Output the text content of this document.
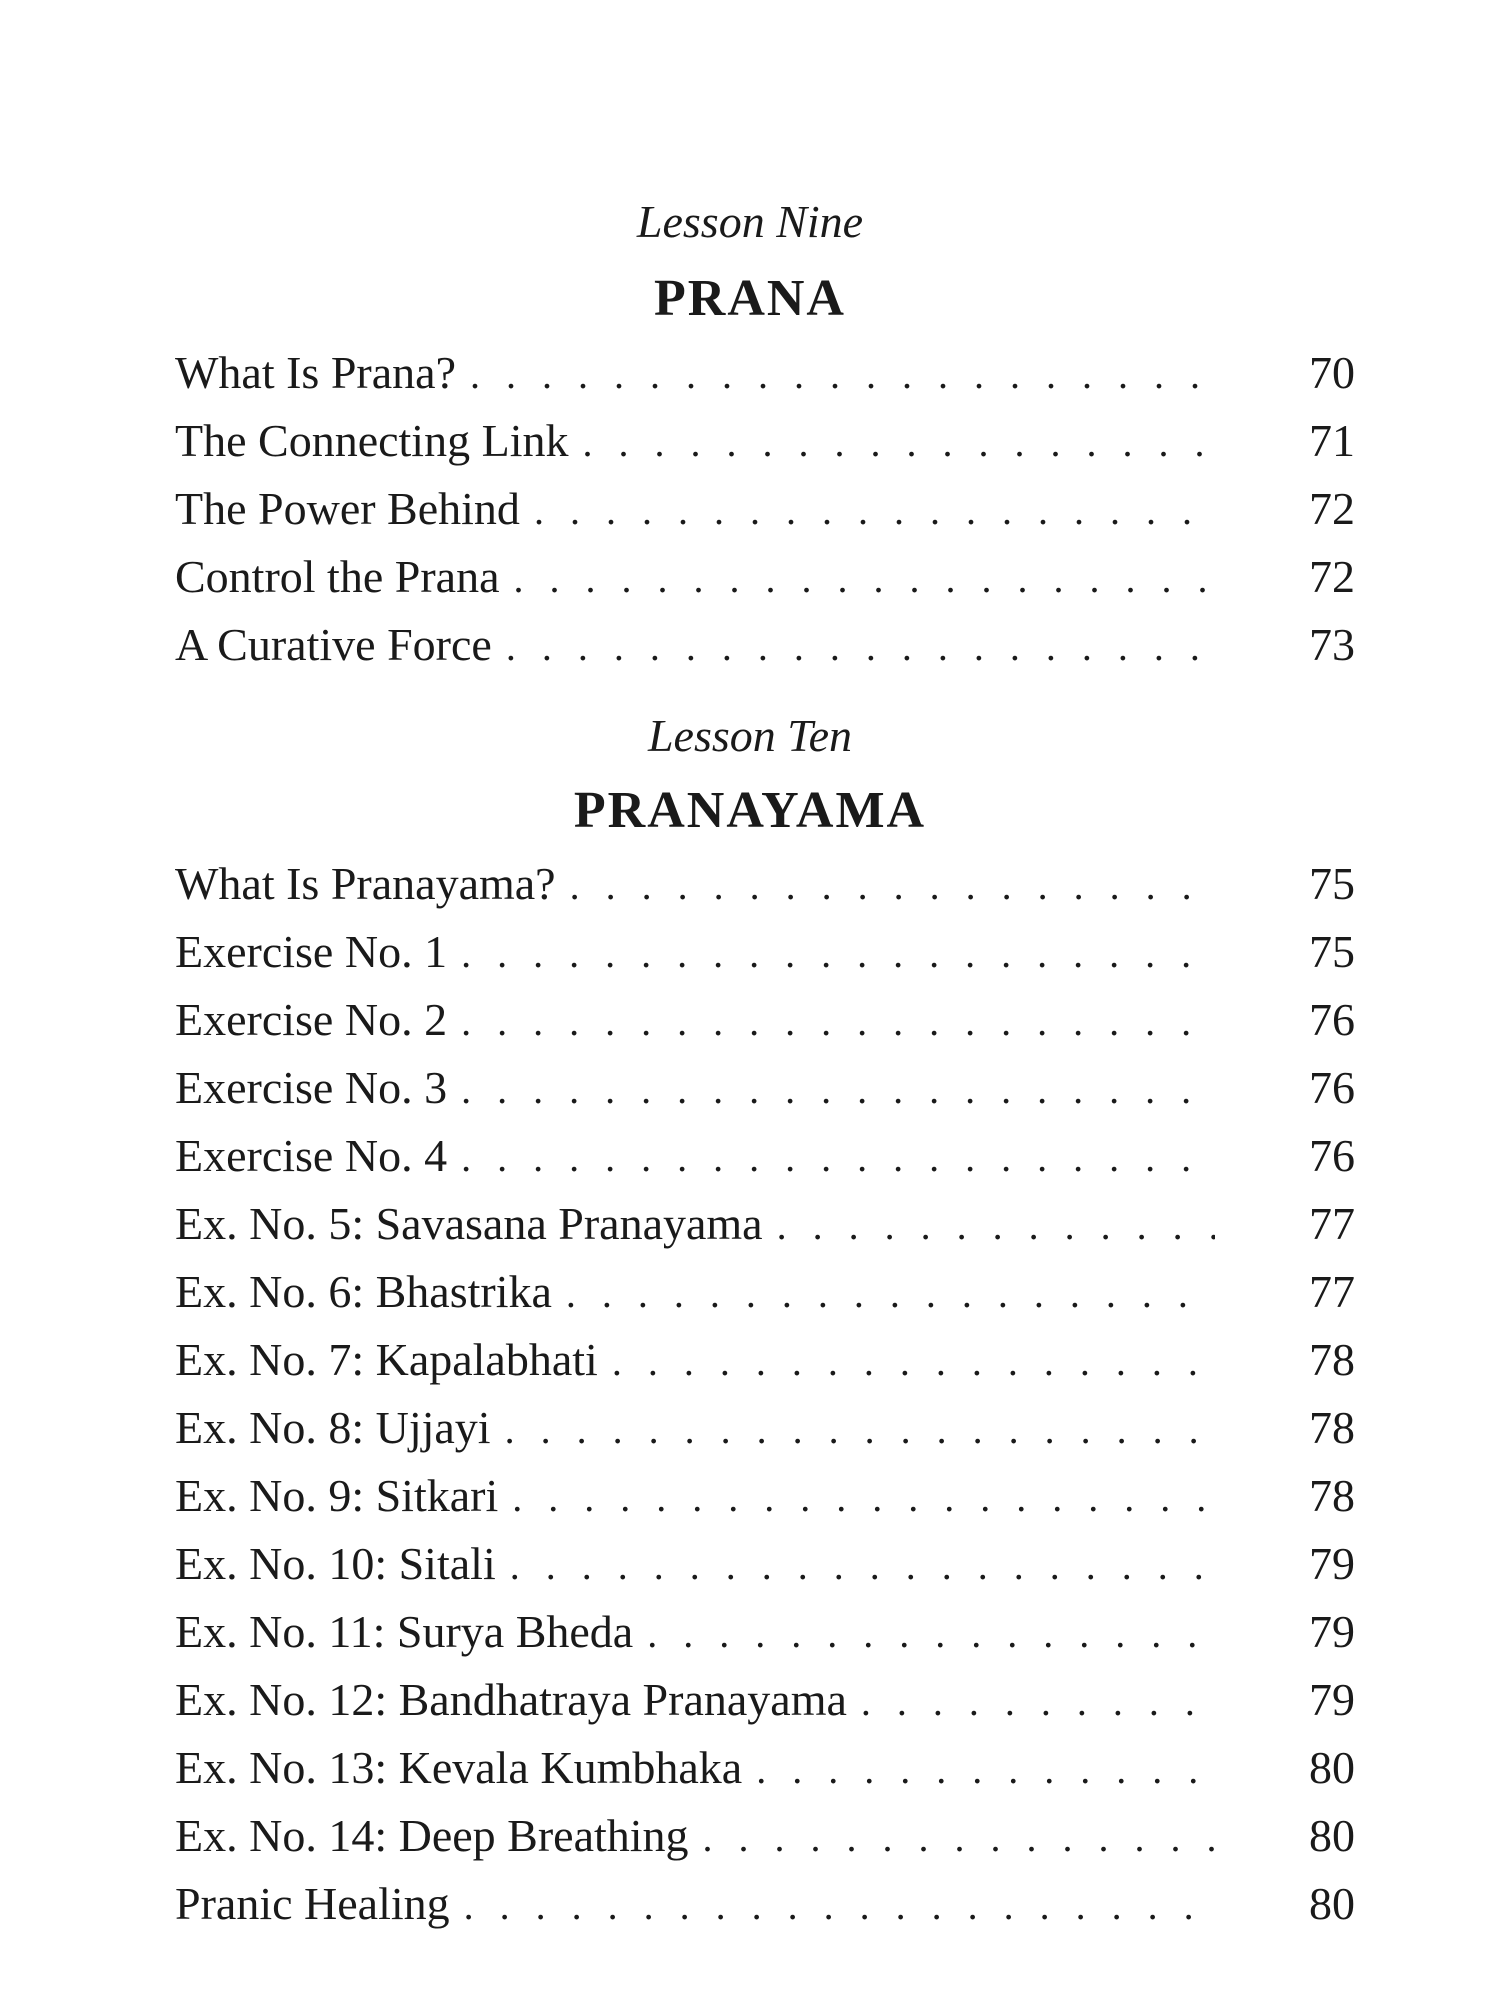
Lesson Nine
PRANA
What Is Prana? . . .	70
The Connecting Link . . .	71
The Power Behind . . .	72
Control the Prana . . .	72
A Curative Force . . .	73
Lesson Ten
PRANAYAMA
What Is Pranayama? . . .	75
Exercise No. 1 . . .	75
Exercise No. 2 . . .	76
Exercise No. 3 . . .	76
Exercise No. 4 . . .	76
Ex. No. 5: Savasana Pranayama . . .	77
Ex. No. 6: Bhastrika . . .	77
Ex. No. 7: Kapalabhati . . .	78
Ex. No. 8: Ujjayi . . .	78
Ex. No. 9: Sitkari . . .	78
Ex. No. 10: Sitali . . .	79
Ex. No. 11: Surya Bheda . . .	79
Ex. No. 12: Bandhatraya Pranayama . . .	79
Ex. No. 13: Kevala Kumbhaka . . .	80
Ex. No. 14: Deep Breathing . . .	80
Pranic Healing . . .	80
